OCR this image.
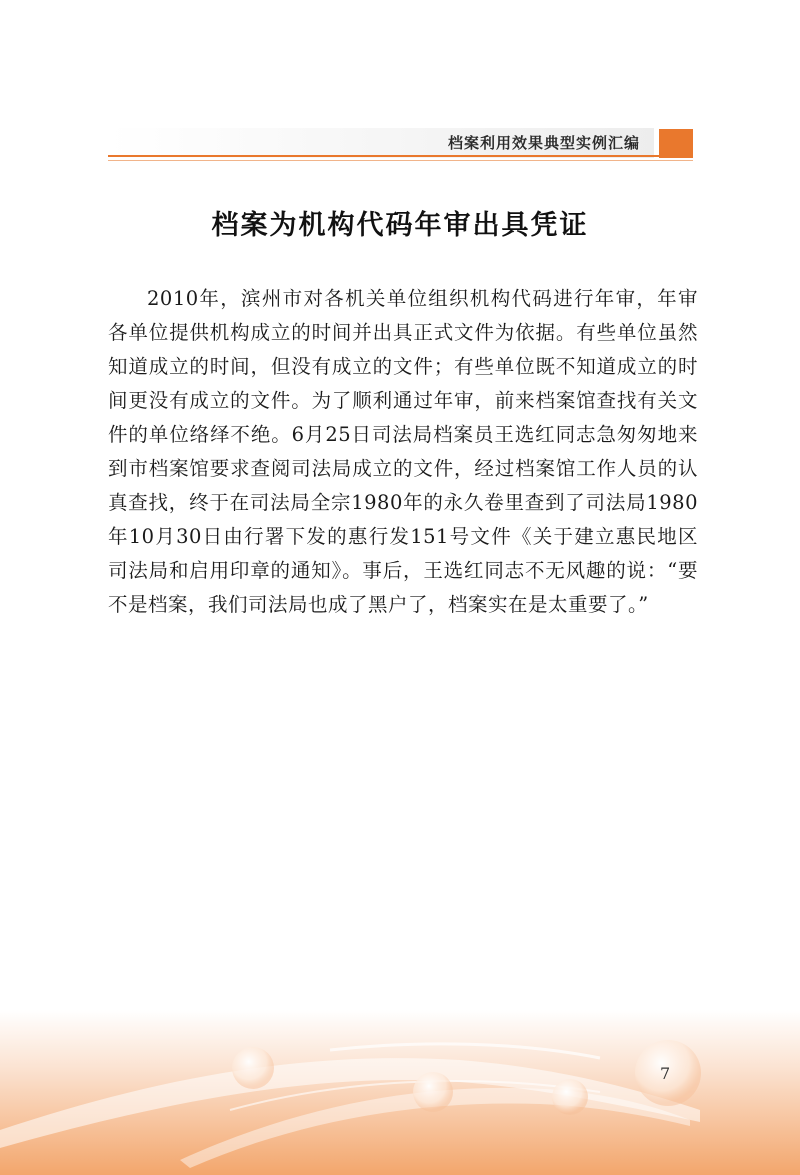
档案利用效果典型实例汇编
档案为机构代码年审出具凭证

2010年，滨州市对各机关单位组织机构代码进行年审，年审各单位提供机构成立的时间并出具正式文件为依据。有些单位虽然知道成立的时间，但没有成立的文件；有些单位既不知道成立的时间更没有成立的文件。为了顺利通过年审，前来档案馆查找有关文件的单位络绎不绝。6月25日司法局档案员王选红同志急匆匆地来到市档案馆要求查阅司法局成立的文件，经过档案馆工作人员的认真查找，终于在司法局全宗1980年的永久卷里查到了司法局1980年10月30日由行署下发的惠行发151号文件《关于建立惠民地区司法局和启用印章的通知》。事后，王选红同志不无风趣的说：“要不是档案，我们司法局也成了黑户了，档案实在是太重要了。”

7
